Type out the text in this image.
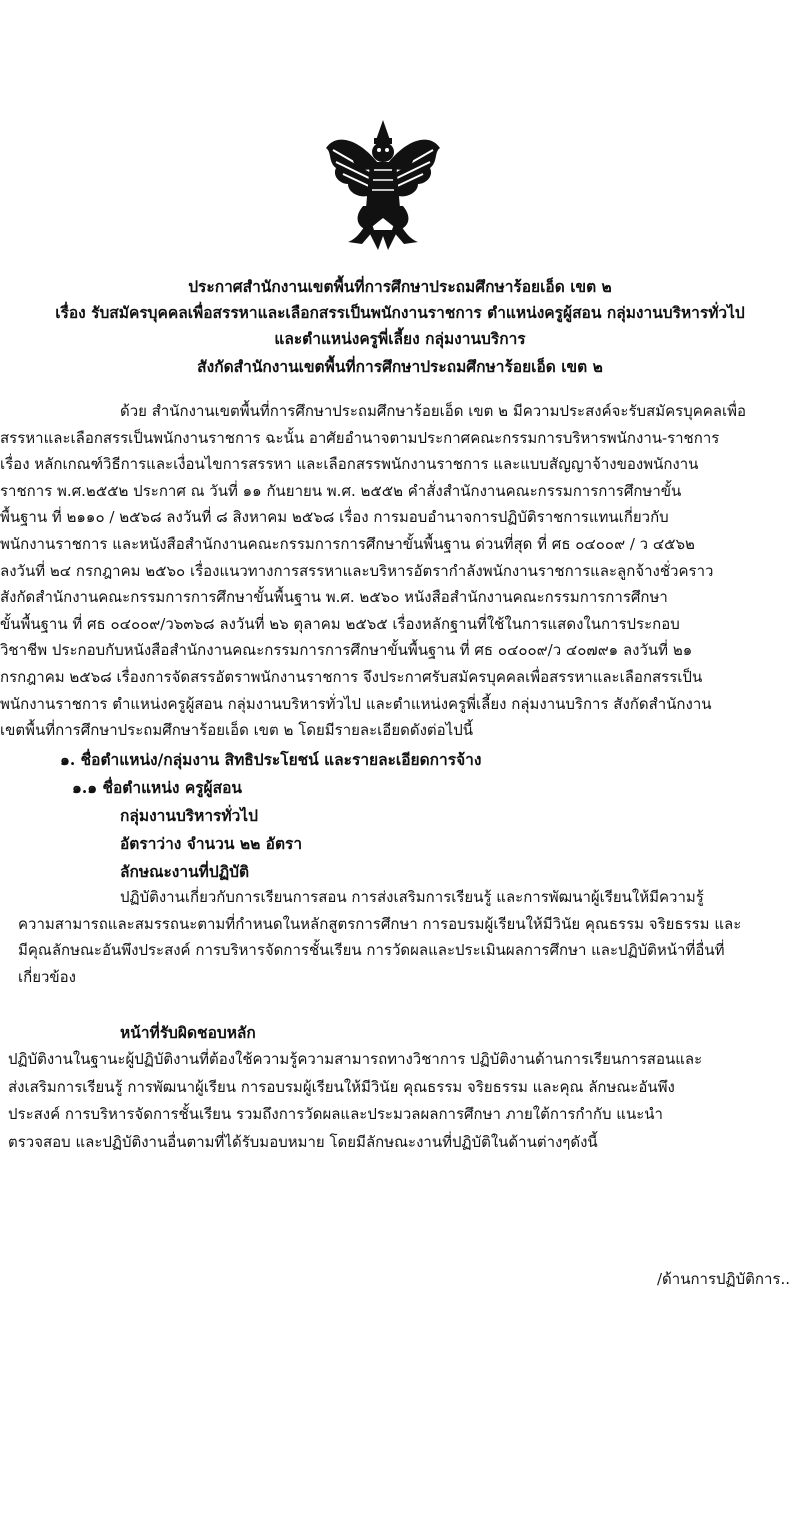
ประกาศสำนักงานเขตพื้นที่การศึกษาประถมศึกษาร้อยเอ็ด เขต ๒
เรื่อง รับสมัครบุคคลเพื่อสรรหาและเลือกสรรเป็นพนักงานราชการ ตำแหน่งครูผู้สอน กลุ่มงานบริหารทั่วไป
และตำแหน่งครูพี่เลี้ยง กลุ่มงานบริการ
สังกัดสำนักงานเขตพื้นที่การศึกษาประถมศึกษาร้อยเอ็ด เขต ๒
ด้วย สำนักงานเขตพื้นที่การศึกษาประถมศึกษาร้อยเอ็ด เขต ๒ มีความประสงค์จะรับสมัครบุคคลเพื่อ
สรรหาและเลือกสรรเป็นพนักงานราชการ ฉะนั้น อาศัยอำนาจตามประกาศคณะกรรมการบริหารพนักงาน-ราชการ
เรื่อง หลักเกณฑ์วิธีการและเงื่อนไขการสรรหา และเลือกสรรพนักงานราชการ และแบบสัญญาจ้างของพนักงาน
ราชการ พ.ศ.๒๕๕๒ ประกาศ ณ วันที่ ๑๑ กันยายน พ.ศ. ๒๕๕๒ คำสั่งสำนักงานคณะกรรมการการศึกษาขั้น
พื้นฐาน ที่ ๒๑๑๐ / ๒๕๖๘ ลงวันที่ ๘ สิงหาคม ๒๕๖๘ เรื่อง การมอบอำนาจการปฏิบัติราชการแทนเกี่ยวกับ
พนักงานราชการ และหนังสือสำนักงานคณะกรรมการการศึกษาขั้นพื้นฐาน ด่วนที่สุด ที่ ศธ ๐๔๐๐๙ / ว ๔๕๖๒
ลงวันที่ ๒๔ กรกฎาคม ๒๕๖๐ เรื่องแนวทางการสรรหาและบริหารอัตรากำลังพนักงานราชการและลูกจ้างชั่วคราว
สังกัดสำนักงานคณะกรรมการการศึกษาขั้นพื้นฐาน พ.ศ. ๒๕๖๐ หนังสือสำนักงานคณะกรรมการการศึกษา
ขั้นพื้นฐาน ที่ ศธ ๐๔๐๐๙/ว๖๓๖๘ ลงวันที่ ๒๖ ตุลาคม ๒๕๖๕ เรื่องหลักฐานที่ใช้ในการแสดงในการประกอบ
วิชาชีพ ประกอบกับหนังสือสำนักงานคณะกรรมการการศึกษาขั้นพื้นฐาน ที่ ศธ ๐๔๐๐๙/ว ๔๐๗๙๑ ลงวันที่ ๒๑
กรกฎาคม ๒๕๖๘ เรื่องการจัดสรรอัตราพนักงานราชการ จึงประกาศรับสมัครบุคคลเพื่อสรรหาและเลือกสรรเป็น
พนักงานราชการ ตำแหน่งครูผู้สอน กลุ่มงานบริหารทั่วไป และตำแหน่งครูพี่เลี้ยง กลุ่มงานบริการ สังกัดสำนักงาน
เขตพื้นที่การศึกษาประถมศึกษาร้อยเอ็ด เขต ๒ โดยมีรายละเอียดดังต่อไปนี้
๑. ชื่อตำแหน่ง/กลุ่มงาน สิทธิประโยชน์ และรายละเอียดการจ้าง
๑.๑ ชื่อตำแหน่ง ครูผู้สอน
กลุ่มงานบริหารทั่วไป
อัตราว่าง จำนวน ๒๒ อัตรา
ลักษณะงานที่ปฏิบัติ
ปฏิบัติงานเกี่ยวกับการเรียนการสอน การส่งเสริมการเรียนรู้ และการพัฒนาผู้เรียนให้มีความรู้
ความสามารถและสมรรถนะตามที่กำหนดในหลักสูตรการศึกษา การอบรมผู้เรียนให้มีวินัย คุณธรรม จริยธรรม และ
มีคุณลักษณะอันพึงประสงค์ การบริหารจัดการชั้นเรียน การวัดผลและประเมินผลการศึกษา และปฏิบัติหน้าที่อื่นที่
เกี่ยวข้อง
หน้าที่รับผิดชอบหลัก
ปฏิบัติงานในฐานะผู้ปฏิบัติงานที่ต้องใช้ความรู้ความสามารถทางวิชาการ ปฏิบัติงานด้านการเรียนการสอนและ
ส่งเสริมการเรียนรู้ การพัฒนาผู้เรียน การอบรมผู้เรียนให้มีวินัย คุณธรรม จริยธรรม และคุณ ลักษณะอันพึง
ประสงค์ การบริหารจัดการชั้นเรียน รวมถึงการวัดผลและประมวลผลการศึกษา ภายใต้การกำกับ แนะนำ
ตรวจสอบ และปฏิบัติงานอื่นตามที่ได้รับมอบหมาย โดยมีลักษณะงานที่ปฏิบัติในด้านต่างๆดังนี้
/ด้านการปฏิบัติการ..
